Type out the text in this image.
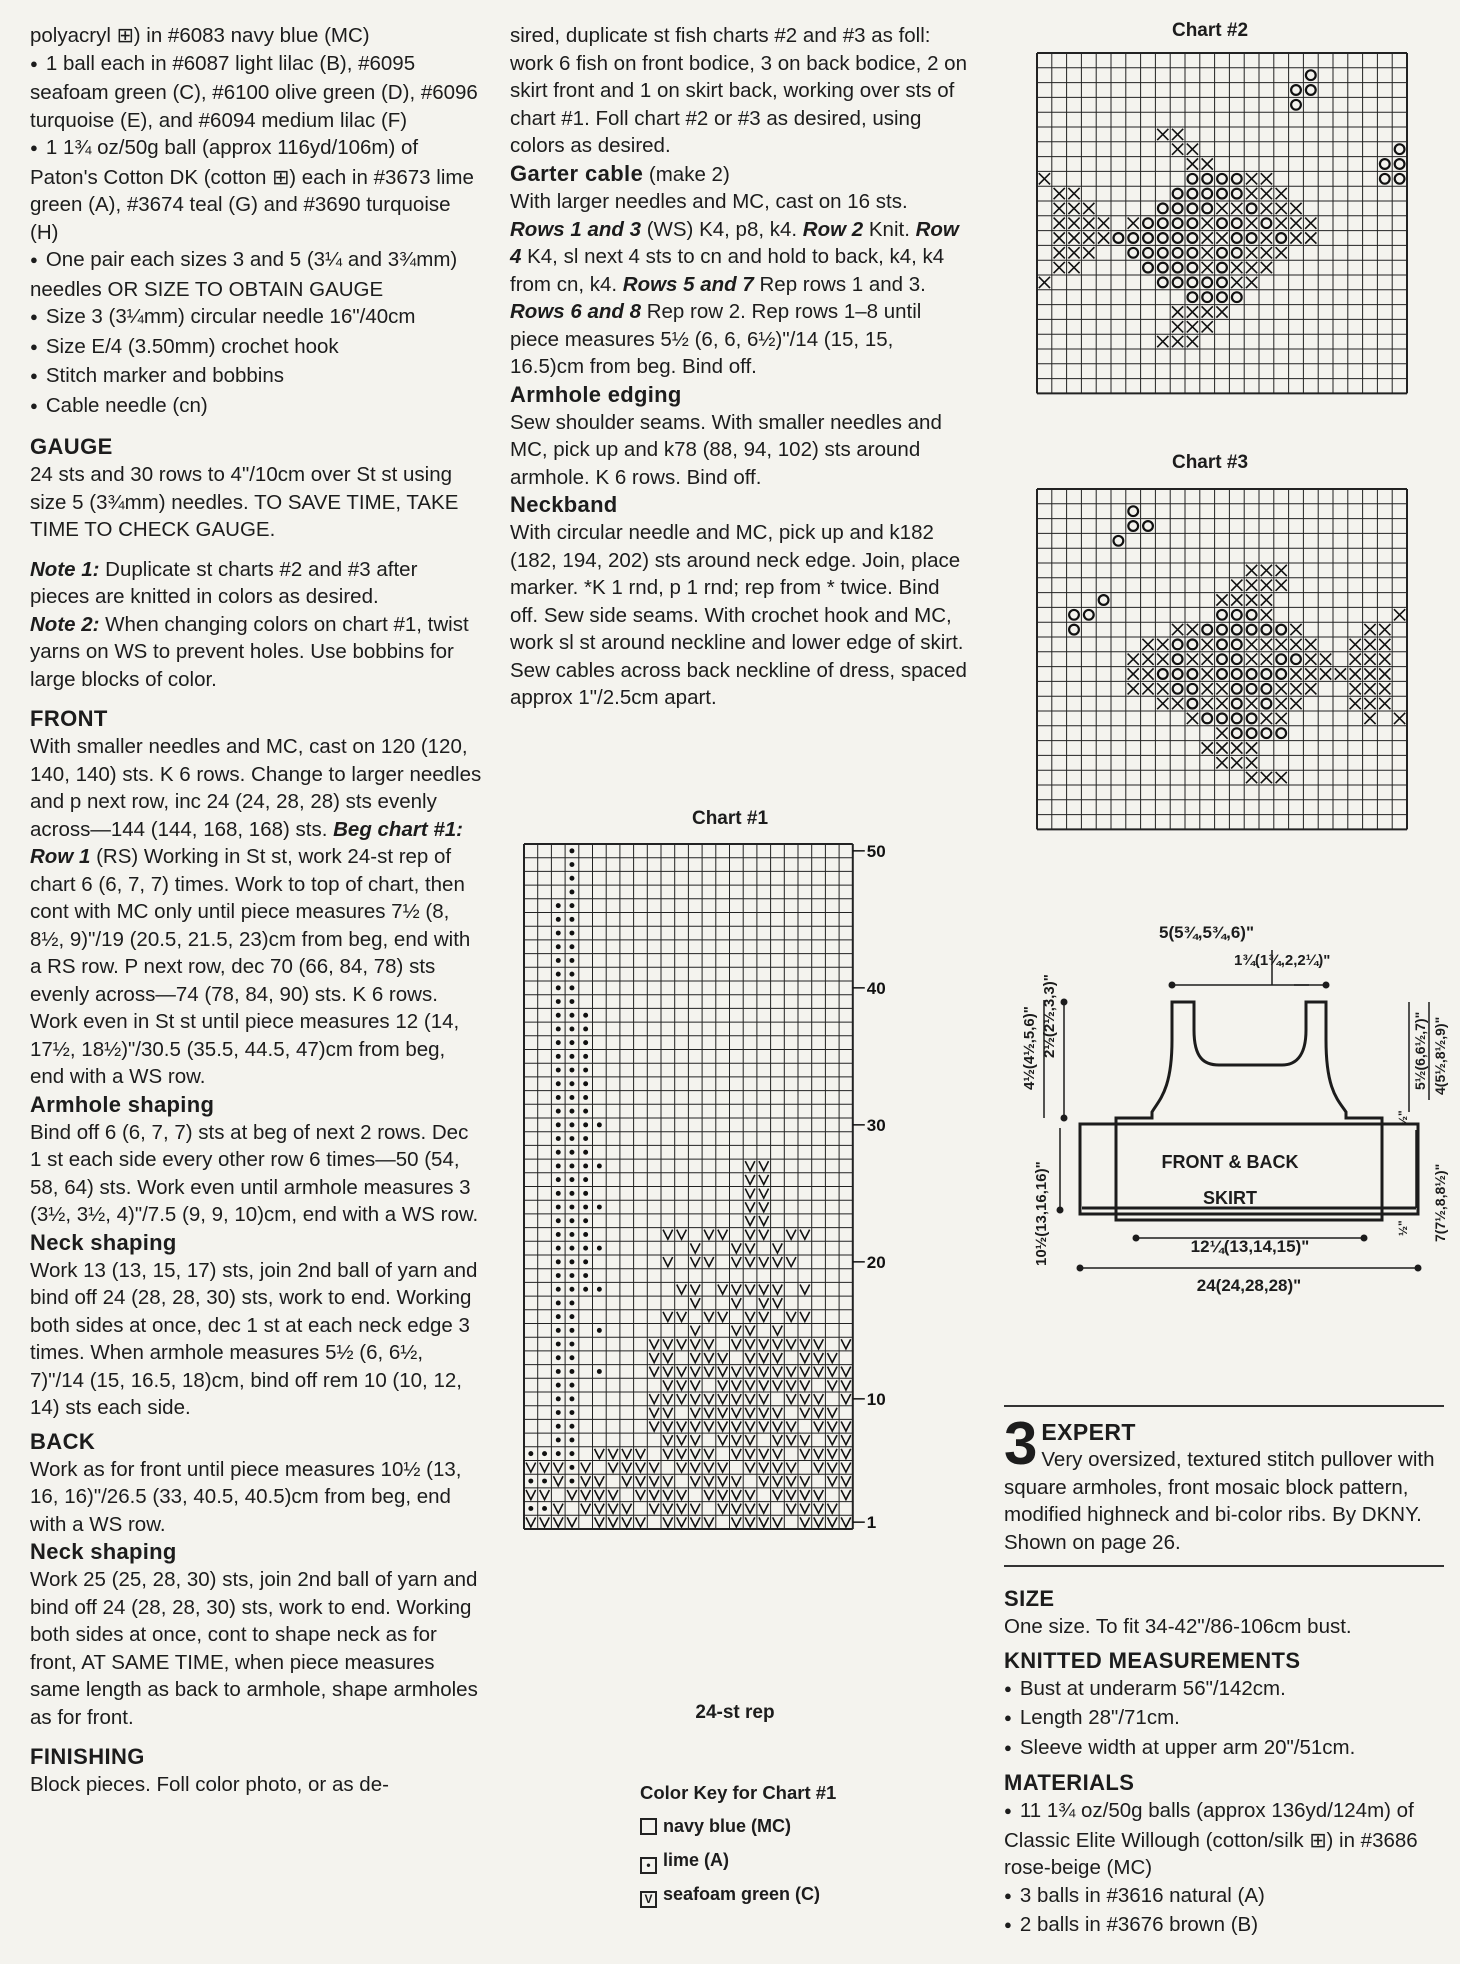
polyacryl ⊞) in #6083 navy blue (MC)

● 1 ball each in #6087 light lilac (B), #6095 seafoam green (C), #6100 olive green (D), #6096 turquoise (E), and #6094 medium lilac (F)

● 1 1¾ oz/50g ball (approx 116yd/106m) of Paton's Cotton DK (cotton ⊞) each in #3673 lime green (A), #3674 teal (G) and #3690 turquoise (H)

● One pair each sizes 3 and 5 (3¼ and 3¾mm) needles OR SIZE TO OBTAIN GAUGE

● Size 3 (3¼mm) circular needle 16"/40cm

● Size E/4 (3.50mm) crochet hook

● Stitch marker and bobbins

● Cable needle (cn)

GAUGE

24 sts and 30 rows to 4"/10cm over St st using size 5 (3¾mm) needles. TO SAVE TIME, TAKE TIME TO CHECK GAUGE.

Note 1: Duplicate st charts #2 and #3 after pieces are knitted in colors as desired.

Note 2: When changing colors on chart #1, twist yarns on WS to prevent holes. Use bobbins for large blocks of color.

FRONT

With smaller needles and MC, cast on 120 (120, 140, 140) sts. K 6 rows. Change to larger needles and p next row, inc 24 (24, 28, 28) sts evenly across—144 (144, 168, 168) sts. Beg chart #1: Row 1 (RS) Working in St st, work 24-st rep of chart 6 (6, 7, 7) times. Work to top of chart, then cont with MC only until piece measures 7½ (8, 8½, 9)"/19 (20.5, 21.5, 23)cm from beg, end with a RS row. P next row, dec 70 (66, 84, 78) sts evenly across—74 (78, 84, 90) sts. K 6 rows. Work even in St st until piece measures 12 (14, 17½, 18½)"/30.5 (35.5, 44.5, 47)cm from beg, end with a WS row.

Armhole shaping

Bind off 6 (6, 7, 7) sts at beg of next 2 rows. Dec 1 st each side every other row 6 times—50 (54, 58, 64) sts. Work even until armhole measures 3 (3½, 3½, 4)"/7.5 (9, 9, 10)cm, end with a WS row.

Neck shaping

Work 13 (13, 15, 17) sts, join 2nd ball of yarn and bind off 24 (28, 28, 30) sts, work to end. Working both sides at once, dec 1 st at each neck edge 3 times. When armhole measures 5½ (6, 6½, 7)"/14 (15, 16.5, 18)cm, bind off rem 10 (10, 12, 14) sts each side.

BACK

Work as for front until piece measures 10½ (13, 16, 16)"/26.5 (33, 40.5, 40.5)cm from beg, end with a WS row.

Neck shaping

Work 25 (25, 28, 30) sts, join 2nd ball of yarn and bind off 24 (28, 28, 30) sts, work to end. Working both sides at once, cont to shape neck as for front, AT SAME TIME, when piece measures same length as back to armhole, shape armholes as for front.

FINISHING

Block pieces. Foll color photo, or as de-

sired, duplicate st fish charts #2 and #3 as foll: work 6 fish on front bodice, 3 on back bodice, 2 on skirt front and 1 on skirt back, working over sts of chart #1. Foll chart #2 or #3 as desired, using colors as desired.

Garter cable (make 2)

With larger needles and MC, cast on 16 sts. Rows 1 and 3 (WS) K4, p8, k4. Row 2 Knit. Row 4 K4, sl next 4 sts to cn and hold to back, k4, k4 from cn, k4. Rows 5 and 7 Rep rows 1 and 3. Rows 6 and 8 Rep row 2. Rep rows 1–8 until piece measures 5½ (6, 6, 6½)"/14 (15, 15, 16.5)cm from beg. Bind off.

Armhole edging

Sew shoulder seams. With smaller needles and MC, pick up and k78 (88, 94, 102) sts around armhole. K 6 rows. Bind off.

Neckband

With circular needle and MC, pick up and k182 (182, 194, 202) sts around neck edge. Join, place marker. *K 1 rnd, p 1 rnd; rep from * twice. Bind off. Sew side seams. With crochet hook and MC, work sl st around neckline and lower edge of skirt. Sew cables across back neckline of dress, spaced approx 1"/2.5cm apart.

Chart #1
50
40
30
20
10
1
24-st rep
Color Key for Chart #1
navy blue (MC)
• lime (A)
V seafoam green (C)
Chart #2
Chart #3
5(5¾,5¾,6)"
1¾(1¾,2,2¼)"
FRONT & BACK
SKIRT
12¼(13,14,15)"
24(24,28,28)"
4½(4½,5,6)" 2½(2½,3,3)"
10½(13,16,16)"
5½(6,6½,7)" 4(5½,8½,9)"
½"
½" 7(7½,8,8½)"
3 EXPERT

Very oversized, textured stitch pullover with square armholes, front mosaic block pattern, modified highneck and bi-color ribs. By DKNY. Shown on page 26.

SIZE

One size. To fit 34-42"/86-106cm bust.

KNITTED MEASUREMENTS

● Bust at underarm 56"/142cm.

● Length 28"/71cm.

● Sleeve width at upper arm 20"/51cm.

MATERIALS

● 11 1¾ oz/50g balls (approx 136yd/124m) of Classic Elite Willough (cotton/silk ⊞) in #3686 rose-beige (MC)

● 3 balls in #3616 natural (A)

● 2 balls in #3676 brown (B)
